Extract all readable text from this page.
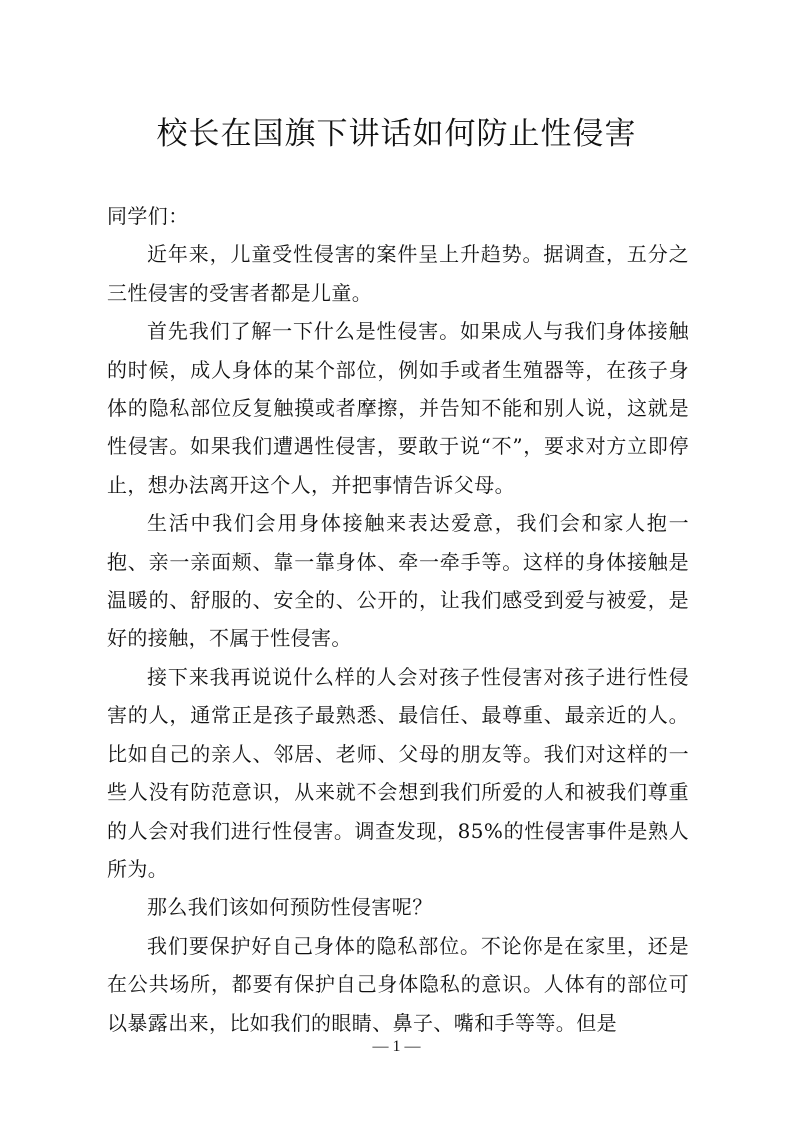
校长在国旗下讲话如何防止性侵害

同学们：

近年来，儿童受性侵害的案件呈上升趋势。据调查，五分之三性侵害的受害者都是儿童。

首先我们了解一下什么是性侵害。如果成人与我们身体接触的时候，成人身体的某个部位，例如手或者生殖器等，在孩子身体的隐私部位反复触摸或者摩擦，并告知不能和别人说，这就是性侵害。如果我们遭遇性侵害，要敢于说“不”，要求对方立即停止，想办法离开这个人，并把事情告诉父母。

生活中我们会用身体接触来表达爱意，我们会和家人抱一抱、亲一亲面颊、靠一靠身体、牵一牵手等。这样的身体接触是温暖的、舒服的、安全的、公开的，让我们感受到爱与被爱，是好的接触，不属于性侵害。

接下来我再说说什么样的人会对孩子性侵害对孩子进行性侵害的人，通常正是孩子最熟悉、最信任、最尊重、最亲近的人。比如自己的亲人、邻居、老师、父母的朋友等。我们对这样的一些人没有防范意识，从来就不会想到我们所爱的人和被我们尊重的人会对我们进行性侵害。调查发现，85%的性侵害事件是熟人所为。

那么我们该如何预防性侵害呢？

我们要保护好自己身体的隐私部位。不论你是在家里，还是在公共场所，都要有保护自己身体隐私的意识。人体有的部位可以暴露出来，比如我们的眼睛、鼻子、嘴和手等等。但是

— 1 —
